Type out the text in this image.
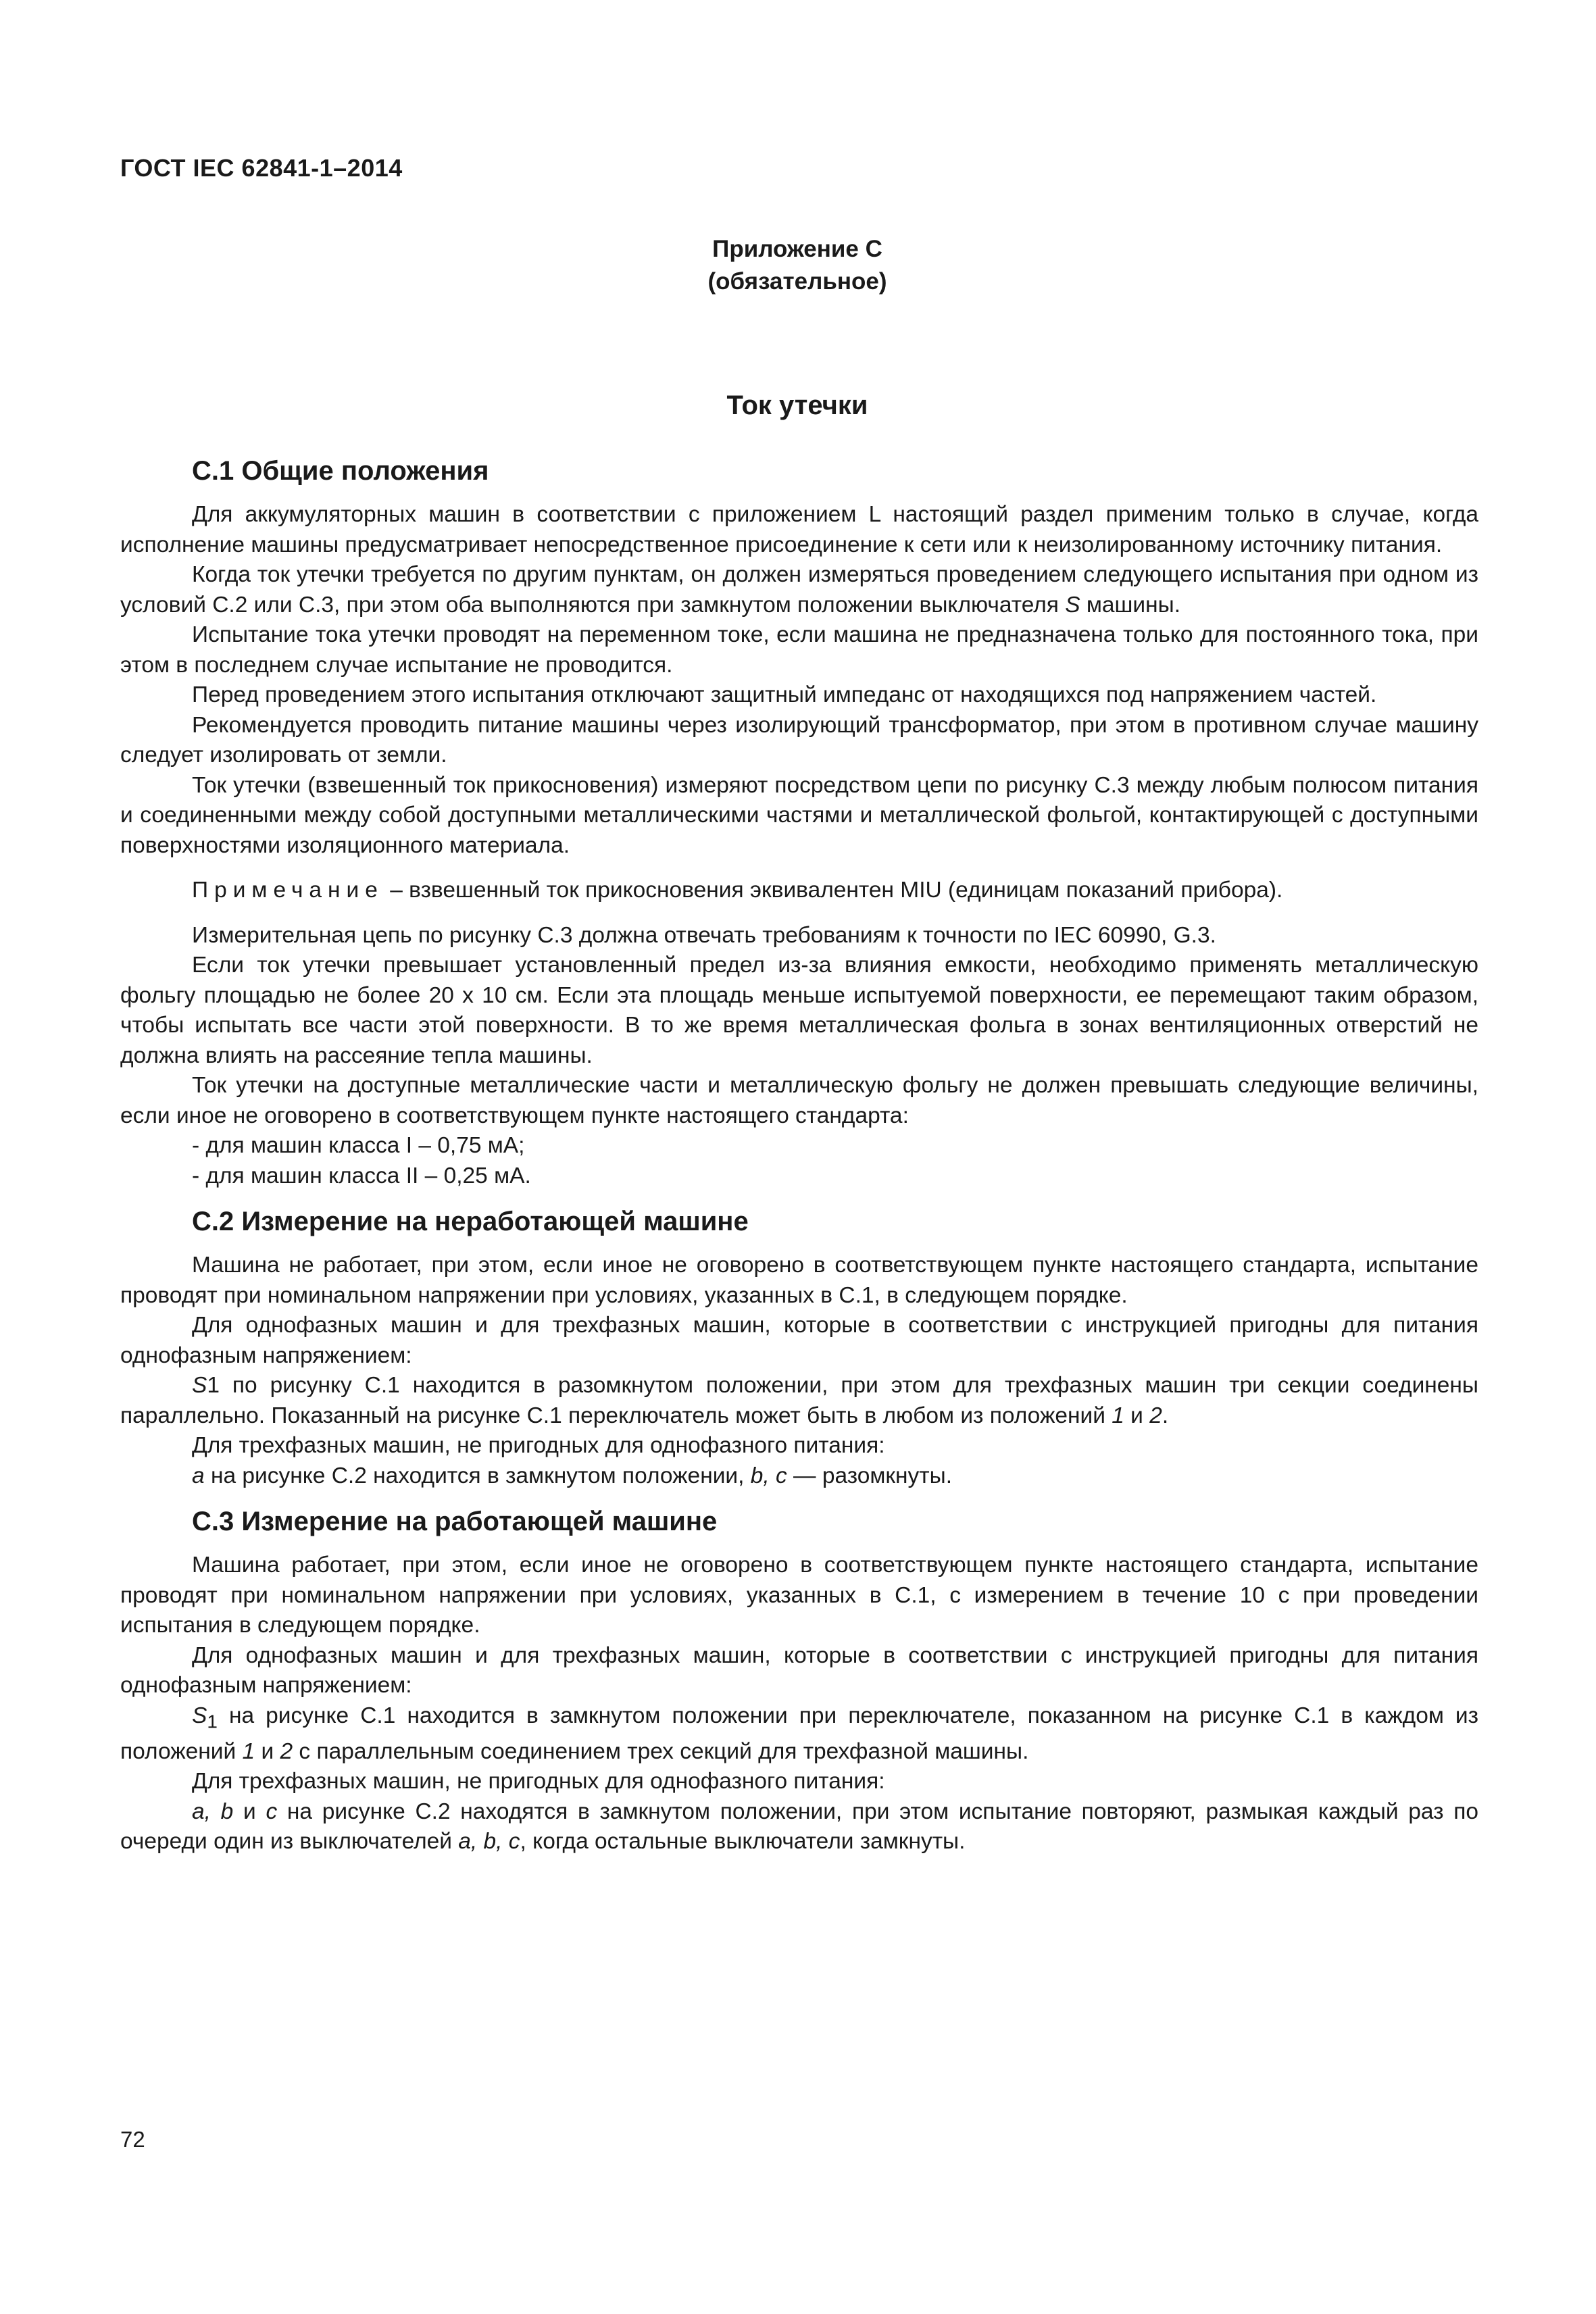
ГОСТ IEC 62841-1–2014
Приложение С
(обязательное)
Ток утечки
С.1 Общие положения

Для аккумуляторных машин в соответствии с приложением L настоящий раздел применим только в случае, когда исполнение машины предусматривает непосредственное присоединение к сети или к неизолированному источнику питания.

Когда ток утечки требуется по другим пунктам, он должен измеряться проведением следующего испытания при одном из условий С.2 или С.3, при этом оба выполняются при замкнутом положении выключателя S машины.

Испытание тока утечки проводят на переменном токе, если машина не предназначена только для постоянного тока, при этом в последнем случае испытание не проводится.

Перед проведением этого испытания отключают защитный импеданс от находящихся под напряжением частей.

Рекомендуется проводить питание машины через изолирующий трансформатор, при этом в противном случае машину следует изолировать от земли.

Ток утечки (взвешенный ток прикосновения) измеряют посредством цепи по рисунку С.3 между любым полюсом питания и соединенными между собой доступными металлическими частями и металлической фольгой, контактирующей с доступными поверхностями изоляционного материала.

Примечание – взвешенный ток прикосновения эквивалентен MIU (единицам показаний прибора).

Измерительная цепь по рисунку С.3 должна отвечать требованиям к точности по IEC 60990, G.3.

Если ток утечки превышает установленный предел из-за влияния емкости, необходимо применять металлическую фольгу площадью не более 20 х 10 см. Если эта площадь меньше испытуемой поверхности, ее перемещают таким образом, чтобы испытать все части этой поверхности. В то же время металлическая фольга в зонах вентиляционных отверстий не должна влиять на рассеяние тепла машины.

Ток утечки на доступные металлические части и металлическую фольгу не должен превышать следующие величины, если иное не оговорено в соответствующем пункте настоящего стандарта:

- для машин класса I – 0,75 мА;

- для машин класса II – 0,25 мА.

С.2 Измерение на неработающей машине

Машина не работает, при этом, если иное не оговорено в соответствующем пункте настоящего стандарта, испытание проводят при номинальном напряжении при условиях, указанных в С.1, в следующем порядке.

Для однофазных машин и для трехфазных машин, которые в соответствии с инструкцией пригодны для питания однофазным напряжением:

S1 по рисунку С.1 находится в разомкнутом положении, при этом для трехфазных машин три секции соединены параллельно. Показанный на рисунке С.1 переключатель может быть в любом из положений 1 и 2.

Для трехфазных машин, не пригодных для однофазного питания:

a на рисунке С.2 находится в замкнутом положении, b, c — разомкнуты.

С.3 Измерение на работающей машине

Машина работает, при этом, если иное не оговорено в соответствующем пункте настоящего стандарта, испытание проводят при номинальном напряжении при условиях, указанных в С.1, с измерением в течение 10 с при проведении испытания в следующем порядке.

Для однофазных машин и для трехфазных машин, которые в соответствии с инструкцией пригодны для питания однофазным напряжением:

$S_1$ на рисунке С.1 находится в замкнутом положении при переключателе, показанном на рисунке С.1 в каждом из положений 1 и 2 с параллельным соединением трех секций для трехфазной машины.

Для трехфазных машин, не пригодных для однофазного питания:

a, b и c на рисунке С.2 находятся в замкнутом положении, при этом испытание повторяют, размыкая каждый раз по очереди один из выключателей a, b, c, когда остальные выключатели замкнуты.

72
